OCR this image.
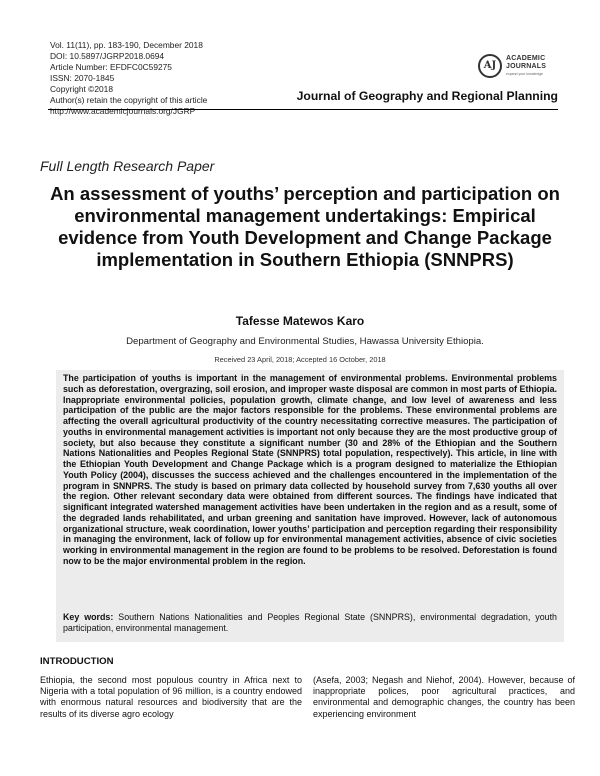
Vol. 11(11), pp. 183-190, December 2018
DOI: 10.5897/JGRP2018.0694
Article Number: EFDFC0C59275
ISSN: 2070-1845
Copyright ©2018
Author(s) retain the copyright of this article
http://www.academicjournals.org/JGRP
AJ
ACADEMIC
JOURNALS
expand your knowledge
Journal of Geography and Regional Planning
Full Length Research Paper
An assessment of youths’ perception and participation on environmental management undertakings: Empirical evidence from Youth Development and Change Package implementation in Southern Ethiopia (SNNPRS)
Tafesse Matewos Karo
Department of Geography and Environmental Studies, Hawassa University Ethiopia.
Received 23 April, 2018; Accepted 16 October, 2018
The participation of youths is important in the management of environmental problems. Environmental problems such as deforestation, overgrazing, soil erosion, and improper waste disposal are common in most parts of Ethiopia. Inappropriate environmental policies, population growth, climate change, and low level of awareness and less participation of the public are the major factors responsible for the problems. These environmental problems are affecting the overall agricultural productivity of the country necessitating corrective measures. The participation of youths in environmental management activities is important not only because they are the most productive group of society, but also because they constitute a significant number (30 and 28% of the Ethiopian and the Southern Nations Nationalities and Peoples Regional State (SNNPRS) total population, respectively). This article, in line with the Ethiopian Youth Development and Change Package which is a program designed to materialize the Ethiopian Youth Policy (2004), discusses the success achieved and the challenges encountered in the implementation of the program in SNNPRS. The study is based on primary data collected by household survey from 7,630 youths all over the region. Other relevant secondary data were obtained from different sources. The findings have indicated that significant integrated watershed management activities have been undertaken in the region and as a result, some of the degraded lands rehabilitated, and urban greening and sanitation have improved. However, lack of autonomous organizational structure, weak coordination, lower youths’ participation and perception regarding their responsibility in managing the environment, lack of follow up for environmental management activities, absence of civic societies working in environmental management in the region are found to be problems to be resolved. Deforestation is found now to be the major environmental problem in the region.
Key words: Southern Nations Nationalities and Peoples Regional State (SNNPRS), environmental degradation, youth participation, environmental management.
INTRODUCTION
Ethiopia, the second most populous country in Africa next to Nigeria with a total population of 96 million, is a country endowed with enormous natural resources and biodiversity that are the results of its diverse agro ecology
(Asefa, 2003; Negash and Niehof, 2004). However, because of inappropriate polices, poor agricultural practices, and environmental and demographic changes, the country has been experiencing environment
